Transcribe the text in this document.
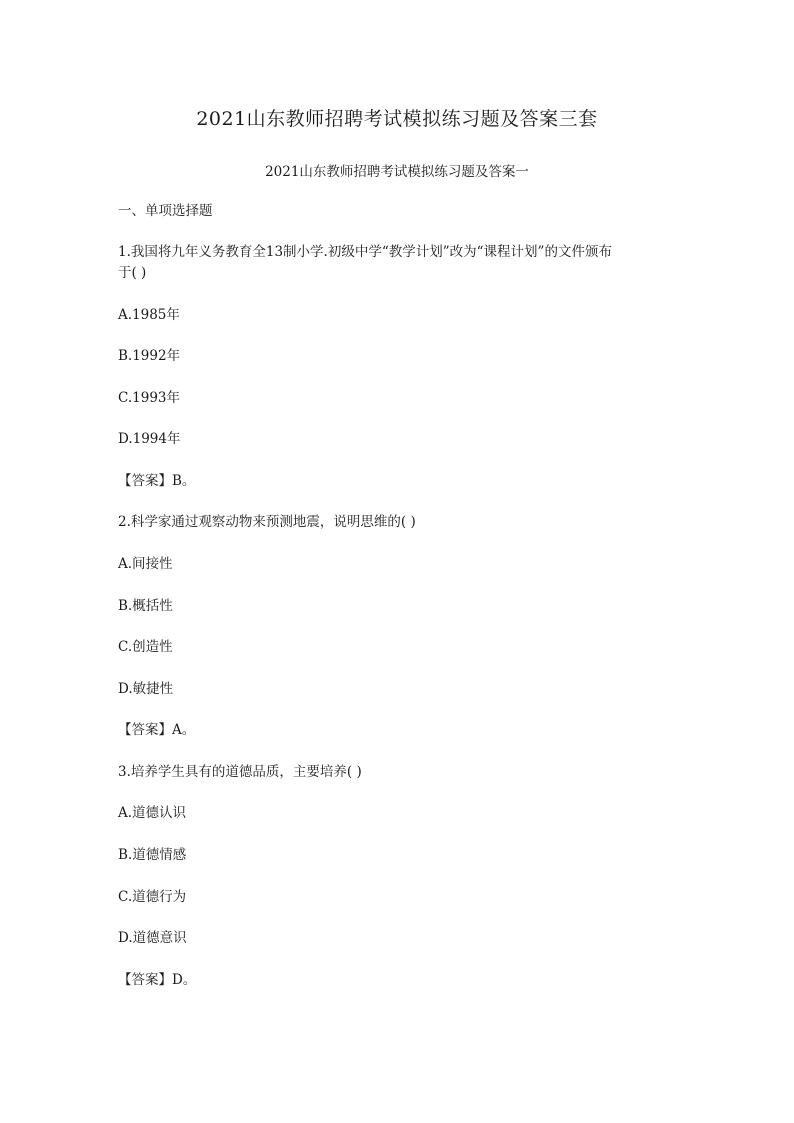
2021山东教师招聘考试模拟练习题及答案三套
2021山东教师招聘考试模拟练习题及答案一

一、单项选择题

1.我国将九年义务教育全13制小学.初级中学“教学计划”改为“课程计划”的文件颁布

于( )

A.1985年

B.1992年

C.1993年

D.1994年

【答案】B。

2.科学家通过观察动物来预测地震，说明思维的( )

A.间接性

B.概括性

C.创造性

D.敏捷性

【答案】A。

3.培养学生具有的道德品质，主要培养( )

A.道德认识

B.道德情感

C.道德行为

D.道德意识

【答案】D。
